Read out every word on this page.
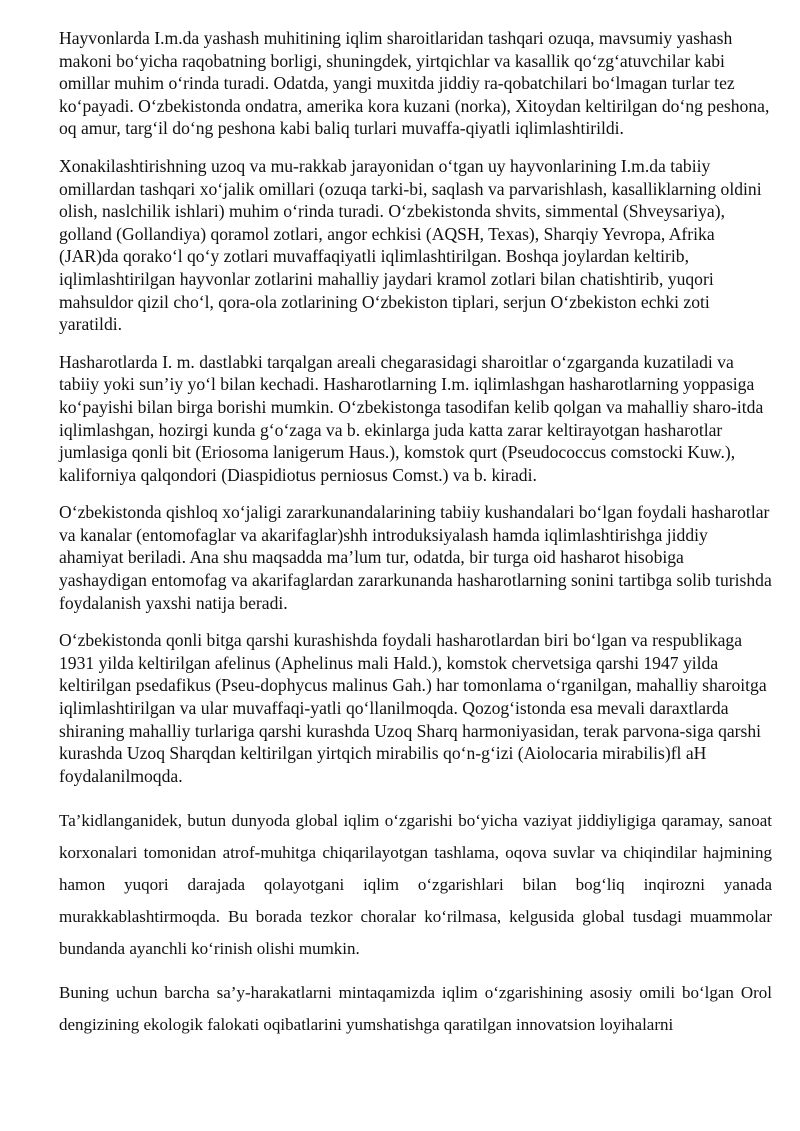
Hayvonlarda I.m.da yashash muhitining iqlim sharoitlaridan tashqari ozuqa, mavsumiy yashash makoni bo‘yicha raqobatning borligi, shuningdek, yirtqichlar va kasallik qo‘zg‘atuvchilar kabi omillar muhim o‘rinda turadi. Odatda, yangi muxitda jiddiy ra-qobatchilari bo‘lmagan turlar tez ko‘payadi. O‘zbekistonda ondatra, amerika kora kuzani (norka), Xitoydan keltirilgan do‘ng peshona, oq amur, targ‘il do‘ng peshona kabi baliq turlari muvaffa-qiyatli iqlimlashtirildi.

Xonakilashtirishning uzoq va mu-rakkab jarayonidan o‘tgan uy hayvonlarining I.m.da tabiiy omillardan tashqari xo‘jalik omillari (ozuqa tarki-bi, saqlash va parvarishlash, kasalliklarning oldini olish, naslchilik ishlari) muhim o‘rinda turadi. O‘zbekistonda shvits, simmental (Shveysariya), golland (Gollandiya) qoramol zotlari, angor echkisi (AQSH, Texas), Sharqiy Yevropa, Afrika (JAR)da qorako‘l qo‘y zotlari muvaffaqiyatli iqlimlashtirilgan. Boshqa joylardan keltirib, iqlimlashtirilgan hayvonlar zotlarini mahalliy jaydari kramol zotlari bilan chatishtirib, yuqori mahsuldor qizil cho‘l, qora-ola zotlarining O‘zbekiston tiplari, serjun O‘zbekiston echki zoti yaratildi.

Hasharotlarda I. m. dastlabki tarqalgan areali chegarasidagi sharoitlar o‘zgarganda kuzatiladi va tabiiy yoki sun’iy yo‘l bilan kechadi. Hasharotlarning I.m. iqlimlashgan hasharotlarning yoppasiga ko‘payishi bilan birga borishi mumkin. O‘zbekistonga tasodifan kelib qolgan va mahalliy sharo-itda iqlimlashgan, hozirgi kunda g‘o‘zaga va b. ekinlarga juda katta zarar keltirayotgan hasharotlar jumlasiga qonli bit (Eriosoma lanigerum Haus.), komstok qurt (Pseudococcus comstocki Kuw.), kaliforniya qalqondori (Diaspidiotus perniosus Comst.) va b. kiradi.

O‘zbekistonda qishloq xo‘jaligi zararkunandalarining tabiiy kushandalari bo‘lgan foydali hasharotlar va kanalar (entomofaglar va akarifaglar)shh introduksiyalash hamda iqlimlashtirishga jiddiy ahamiyat beriladi. Ana shu maqsadda ma’lum tur, odatda, bir turga oid hasharot hisobiga yashaydigan entomofag va akarifaglardan zararkunanda hasharotlarning sonini tartibga solib turishda foydalanish yaxshi natija beradi.

O‘zbekistonda qonli bitga qarshi kurashishda foydali hasharotlardan biri bo‘lgan va respublikaga 1931 yilda keltirilgan afelinus (Aphelinus mali Hald.), komstok chervetsiga qarshi 1947 yilda keltirilgan psedafikus (Pseu-dophycus malinus Gah.) har tomonlama o‘rganilgan, mahalliy sharoitga iqlimlashtirilgan va ular muvaffaqi-yatli qo‘llanilmoqda. Qozog‘istonda esa mevali daraxtlarda shiraning mahalliy turlariga qarshi kurashda Uzoq Sharq harmoniyasidan, terak parvona-siga qarshi kurashda Uzoq Sharqdan keltirilgan yirtqich mirabilis qo‘n-g‘izi (Aiolocaria mirabilis)fl aH foydalanilmoqda.

Ta’kidlanganidek, butun dunyoda global iqlim o‘zgarishi bo‘yicha vaziyat jiddiyligiga qaramay, sanoat korxonalari tomonidan atrof-muhitga chiqarilayotgan tashlama, oqova suvlar va chiqindilar hajmining hamon yuqori darajada qolayotgani iqlim o‘zgarishlari bilan bog‘liq inqirozni yanada murakkablashtirmoqda. Bu borada tezkor choralar ko‘rilmasa, kelgusida global tusdagi muammolar bundanda ayanchli ko‘rinish olishi mumkin.

Buning uchun barcha sa’y-harakatlarni mintaqamizda iqlim o‘zgarishining asosiy omili bo‘lgan Orol dengizining ekologik falokati oqibatlarini yumshatishga qaratilgan innovatsion loyihalarni
